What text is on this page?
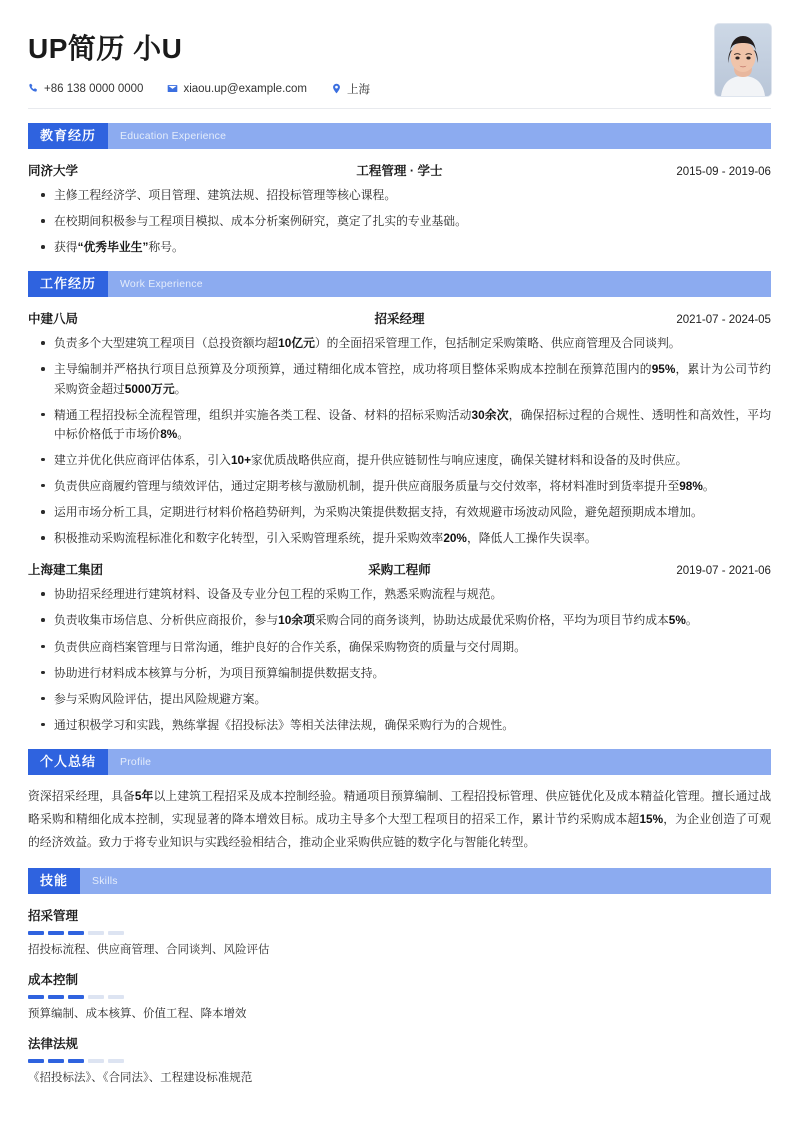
UP简历 小U
+86 138 0000 0000	xiaou.up@example.com	上海
教育经历	Education Experience
同济大学	工程管理 · 学士	2015-09 - 2019-06
主修工程经济学、项目管理、建筑法规、招投标管理等核心课程。
在校期间积极参与工程项目模拟、成本分析案例研究，奠定了扎实的专业基础。
获得“优秀毕业生”称号。
工作经历	Work Experience
中建八局	招采经理	2021-07 - 2024-05
负责多个大型建筑工程项目（总投资额均超10亿元）的全面招采管理工作，包括制定采购策略、供应商管理及合同谈判。
主导编制并严格执行项目总预算及分项预算，通过精细化成本管控，成功将项目整体采购成本控制在预算范围内的95%，累计为公司节约采购资金超过5000万元。
精通工程招投标全流程管理，组织并实施各类工程、设备、材料的招标采购活动30余次，确保招标过程的合规性、透明性和高效性，平均中标价格低于市场价8%。
建立并优化供应商评估体系，引入10+家优质战略供应商，提升供应链韧性与响应速度，确保关键材料和设备的及时供应。
负责供应商履约管理与绩效评估，通过定期考核与激励机制，提升供应商服务质量与交付效率，将材料准时到货率提升至98%。
运用市场分析工具，定期进行材料价格趋势研判，为采购决策提供数据支持，有效规避市场波动风险，避免超预期成本增加。
积极推动采购流程标准化和数字化转型，引入采购管理系统，提升采购效率20%，降低人工操作失误率。
上海建工集团	采购工程师	2019-07 - 2021-06
协助招采经理进行建筑材料、设备及专业分包工程的采购工作，熟悉采购流程与规范。
负责收集市场信息、分析供应商报价，参与10余项采购合同的商务谈判，协助达成最优采购价格，平均为项目节约成本5%。
负责供应商档案管理与日常沟通，维护良好的合作关系，确保采购物资的质量与交付周期。
协助进行材料成本核算与分析，为项目预算编制提供数据支持。
参与采购风险评估，提出风险规避方案。
通过积极学习和实践，熟练掌握《招投标法》等相关法律法规，确保采购行为的合规性。
个人总结	Profile
资深招采经理，具备5年以上建筑工程招采及成本控制经验。精通项目预算编制、工程招投标管理、供应链优化及成本精益化管理。擅长通过战略采购和精细化成本控制，实现显著的降本增效目标。成功主导多个大型工程项目的招采工作，累计节约采购成本超15%，为企业创造了可观的经济效益。致力于将专业知识与实践经验相结合，推动企业采购供应链的数字化与智能化转型。
技能	Skills
招采管理
招投标流程、供应商管理、合同谈判、风险评估
成本控制
预算编制、成本核算、价值工程、降本增效
法律法规
《招投标法》、《合同法》、工程建设标准规范
